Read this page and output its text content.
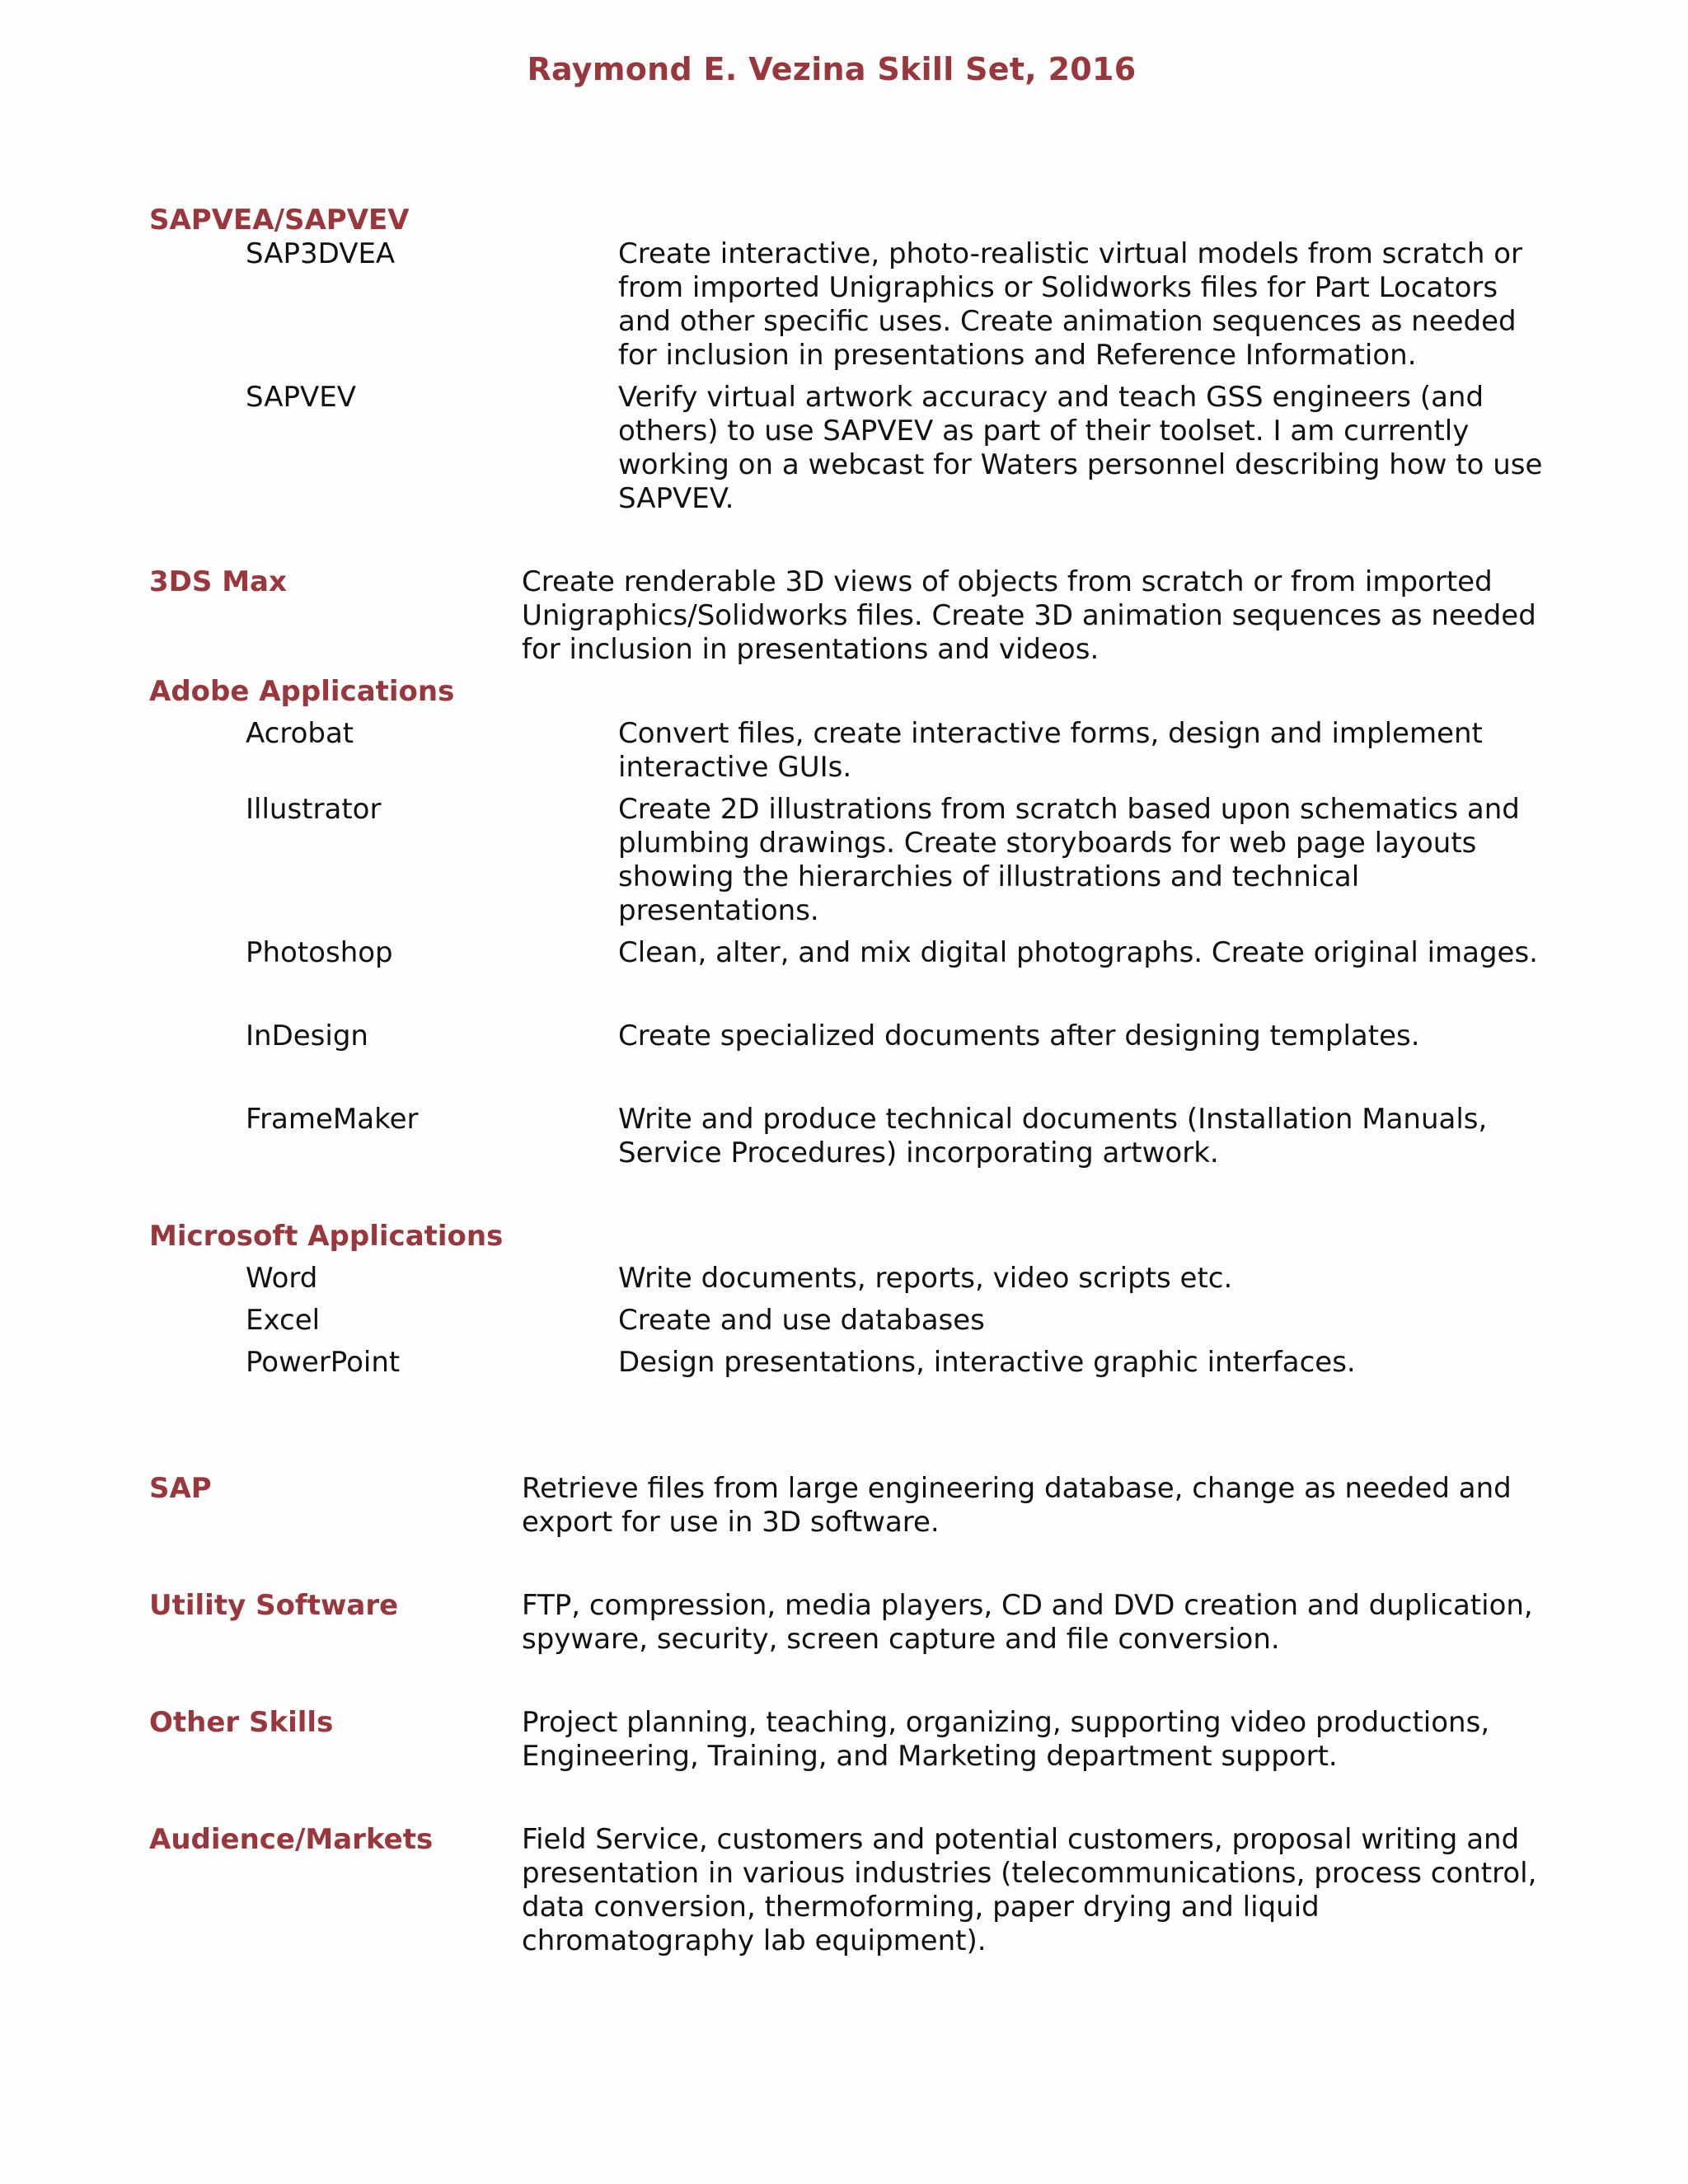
Raymond E. Vezina Skill Set, 2016
SAPVEA/SAPVEV
SAP3DVEA	Create interactive, photo-realistic virtual models from scratch or from imported Unigraphics or Solidworks files for Part Locators and other specific uses. Create animation sequences as needed for inclusion in presentations and Reference Information.
SAPVEV	Verify virtual artwork accuracy and teach GSS engineers (and others) to use SAPVEV as part of their toolset. I am currently working on a webcast for Waters personnel describing how to use SAPVEV.
3DS Max	Create renderable 3D views of objects from scratch or from imported Unigraphics/Solidworks files. Create 3D animation sequences as needed for inclusion in presentations and videos.
Adobe Applications
Acrobat	Convert files, create interactive forms, design and implement interactive GUIs.
Illustrator	Create 2D illustrations from scratch based upon schematics and plumbing drawings. Create storyboards for web page layouts showing the hierarchies of illustrations and technical presentations.
Photoshop	Clean, alter, and mix digital photographs. Create original images.
InDesign	Create specialized documents after designing templates.
FrameMaker	Write and produce technical documents (Installation Manuals, Service Procedures) incorporating artwork.
Microsoft Applications
Word	Write documents, reports, video scripts etc.
Excel	Create and use databases
PowerPoint	Design presentations, interactive graphic interfaces.
SAP	Retrieve files from large engineering database, change as needed and export for use in 3D software.
Utility Software	FTP, compression, media players, CD and DVD creation and duplication, spyware, security, screen capture and file conversion.
Other Skills	Project planning, teaching, organizing, supporting video productions, Engineering, Training, and Marketing department support.
Audience/Markets	Field Service, customers and potential customers, proposal writing and presentation in various industries (telecommunications, process control, data conversion, thermoforming, paper drying and liquid chromatography lab equipment).
